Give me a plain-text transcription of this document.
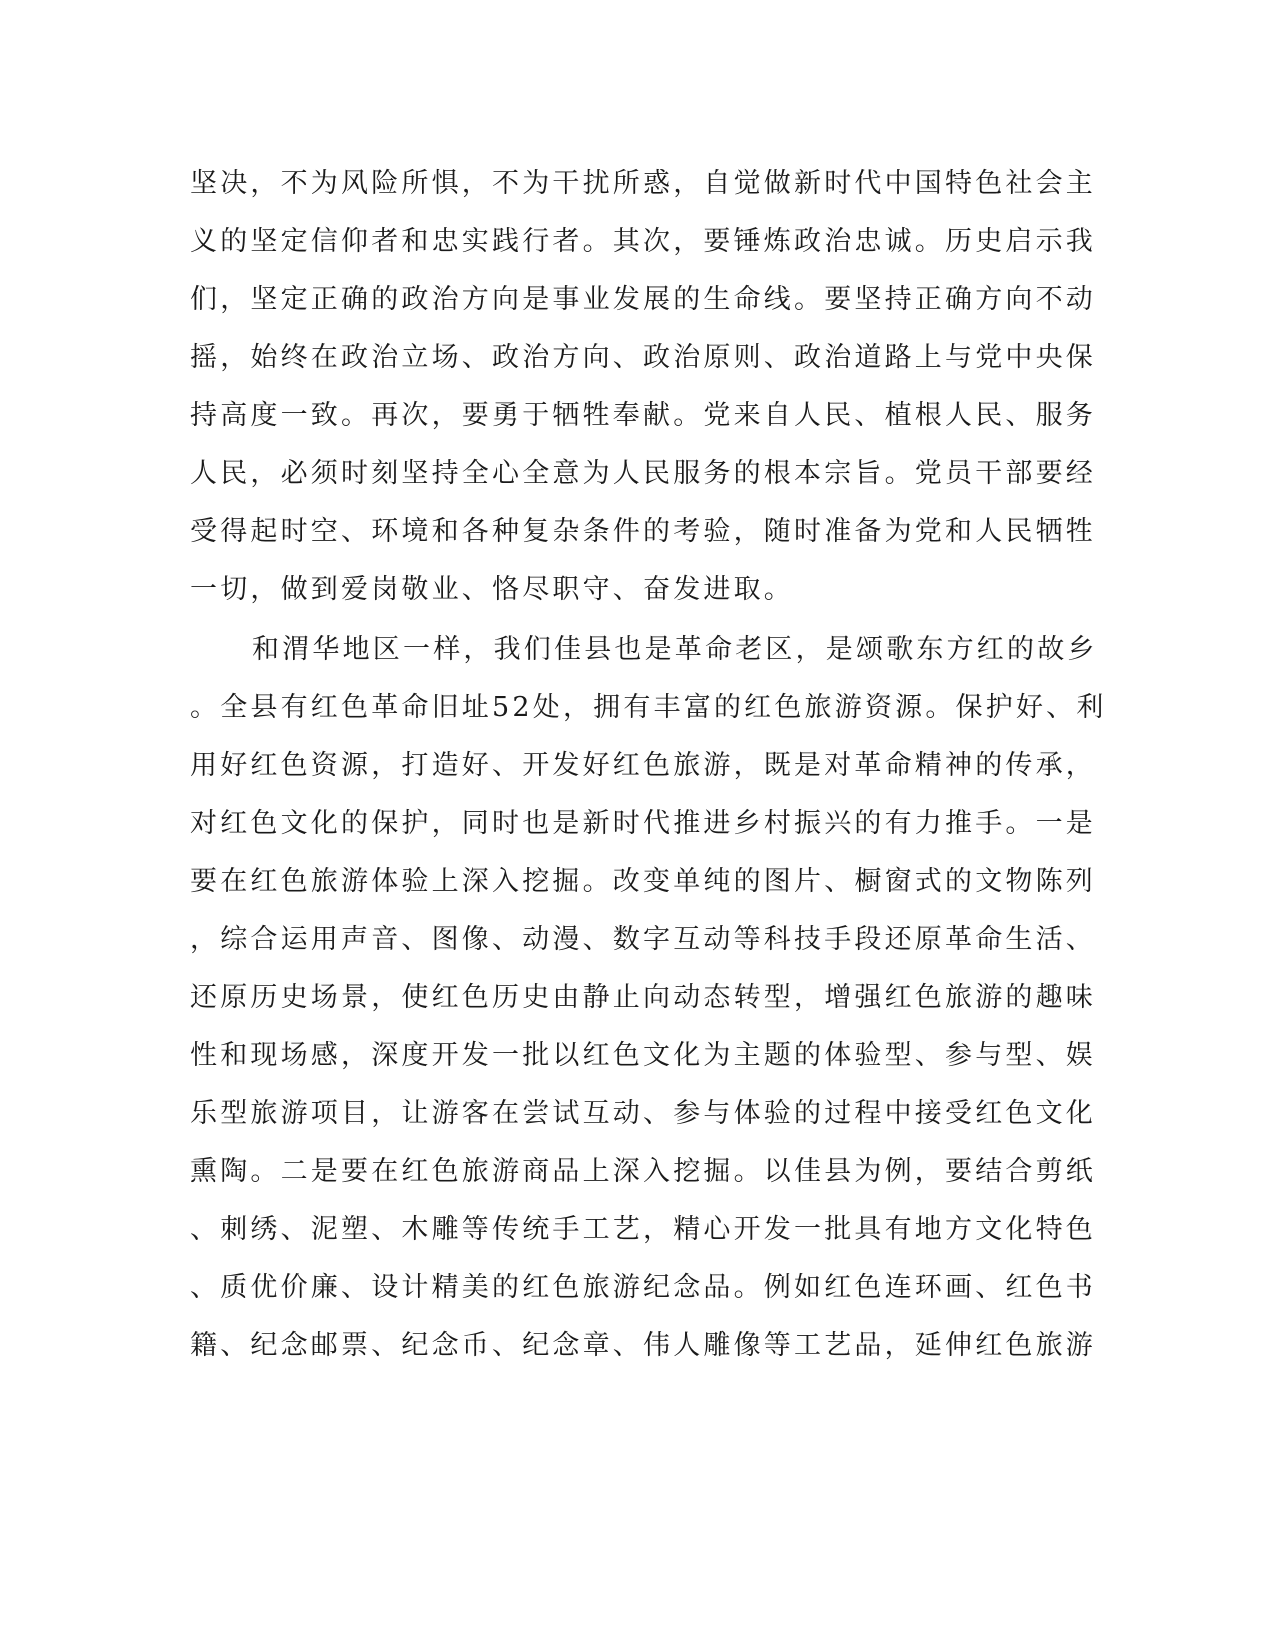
坚决，不为风险所惧，不为干扰所惑，自觉做新时代中国特色社会主
义的坚定信仰者和忠实践行者。其次，要锤炼政治忠诚。历史启示我
们，坚定正确的政治方向是事业发展的生命线。要坚持正确方向不动
摇，始终在政治立场、政治方向、政治原则、政治道路上与党中央保
持高度一致。再次，要勇于牺牲奉献。党来自人民、植根人民、服务
人民，必须时刻坚持全心全意为人民服务的根本宗旨。党员干部要经
受得起时空、环境和各种复杂条件的考验，随时准备为党和人民牺牲
一切，做到爱岗敬业、恪尽职守、奋发进取。
和渭华地区一样，我们佳县也是革命老区，是颂歌东方红的故乡
。全县有红色革命旧址52处，拥有丰富的红色旅游资源。保护好、利
用好红色资源，打造好、开发好红色旅游，既是对革命精神的传承，
对红色文化的保护，同时也是新时代推进乡村振兴的有力推手。一是
要在红色旅游体验上深入挖掘。改变单纯的图片、橱窗式的文物陈列
，综合运用声音、图像、动漫、数字互动等科技手段还原革命生活、
还原历史场景，使红色历史由静止向动态转型，增强红色旅游的趣味
性和现场感，深度开发一批以红色文化为主题的体验型、参与型、娱
乐型旅游项目，让游客在尝试互动、参与体验的过程中接受红色文化
熏陶。二是要在红色旅游商品上深入挖掘。以佳县为例，要结合剪纸
、刺绣、泥塑、木雕等传统手工艺，精心开发一批具有地方文化特色
、质优价廉、设计精美的红色旅游纪念品。例如红色连环画、红色书
籍、纪念邮票、纪念币、纪念章、伟人雕像等工艺品，延伸红色旅游
